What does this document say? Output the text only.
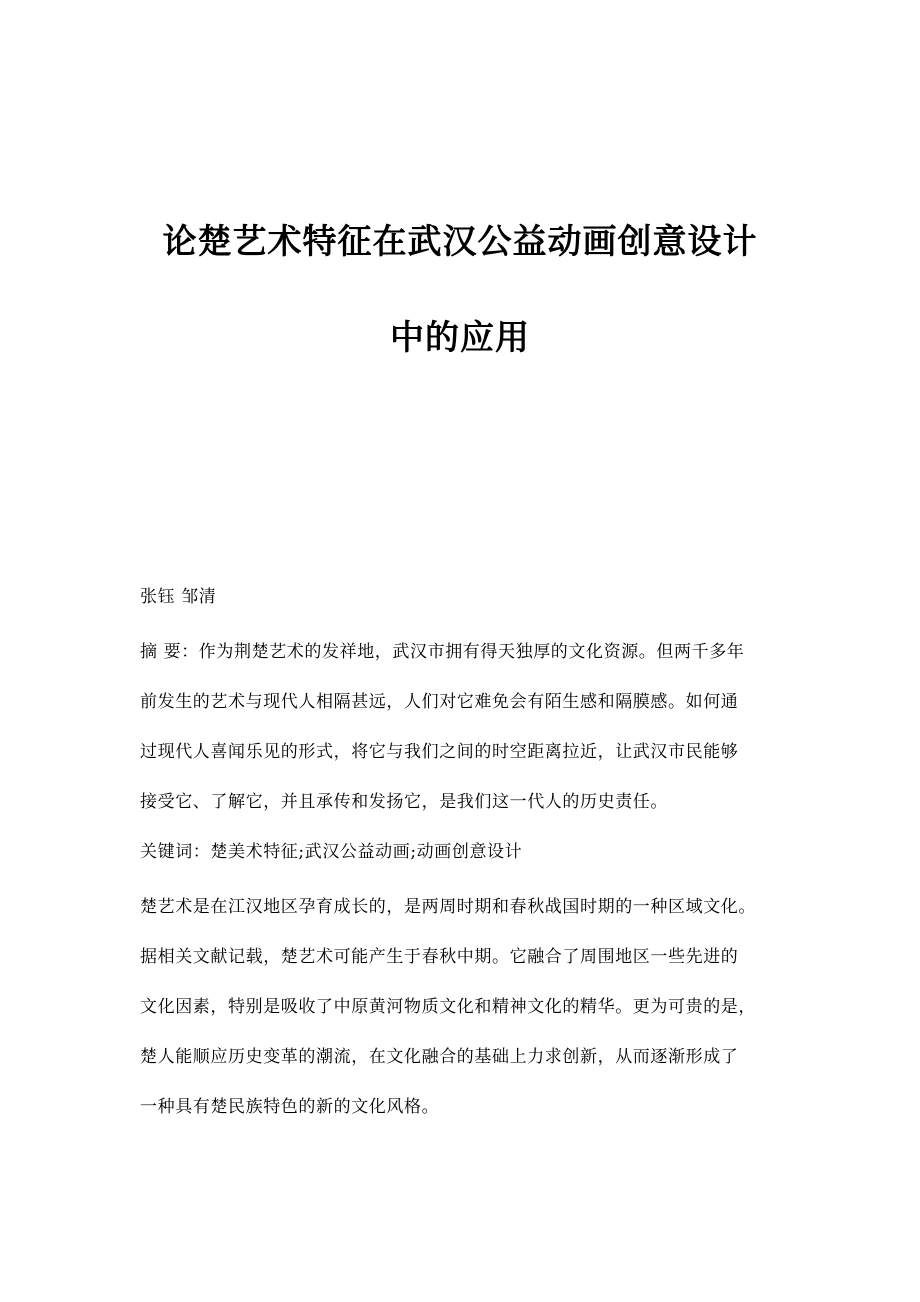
论楚艺术特征在武汉公益动画创意设计
中的应用
张钰 邹清
摘 要：作为荆楚艺术的发祥地，武汉市拥有得天独厚的文化资源。但两千多年
前发生的艺术与现代人相隔甚远，人们对它难免会有陌生感和隔膜感。如何通
过现代人喜闻乐见的形式，将它与我们之间的时空距离拉近，让武汉市民能够
接受它、了解它，并且承传和发扬它，是我们这一代人的历史责任。
关键词：楚美术特征;武汉公益动画;动画创意设计
楚艺术是在江汉地区孕育成长的，是两周时期和春秋战国时期的一种区域文化。
据相关文献记载，楚艺术可能产生于春秋中期。它融合了周围地区一些先进的
文化因素，特别是吸收了中原黄河物质文化和精神文化的精华。更为可贵的是，
楚人能顺应历史变革的潮流，在文化融合的基础上力求创新，从而逐渐形成了
一种具有楚民族特色的新的文化风格。
